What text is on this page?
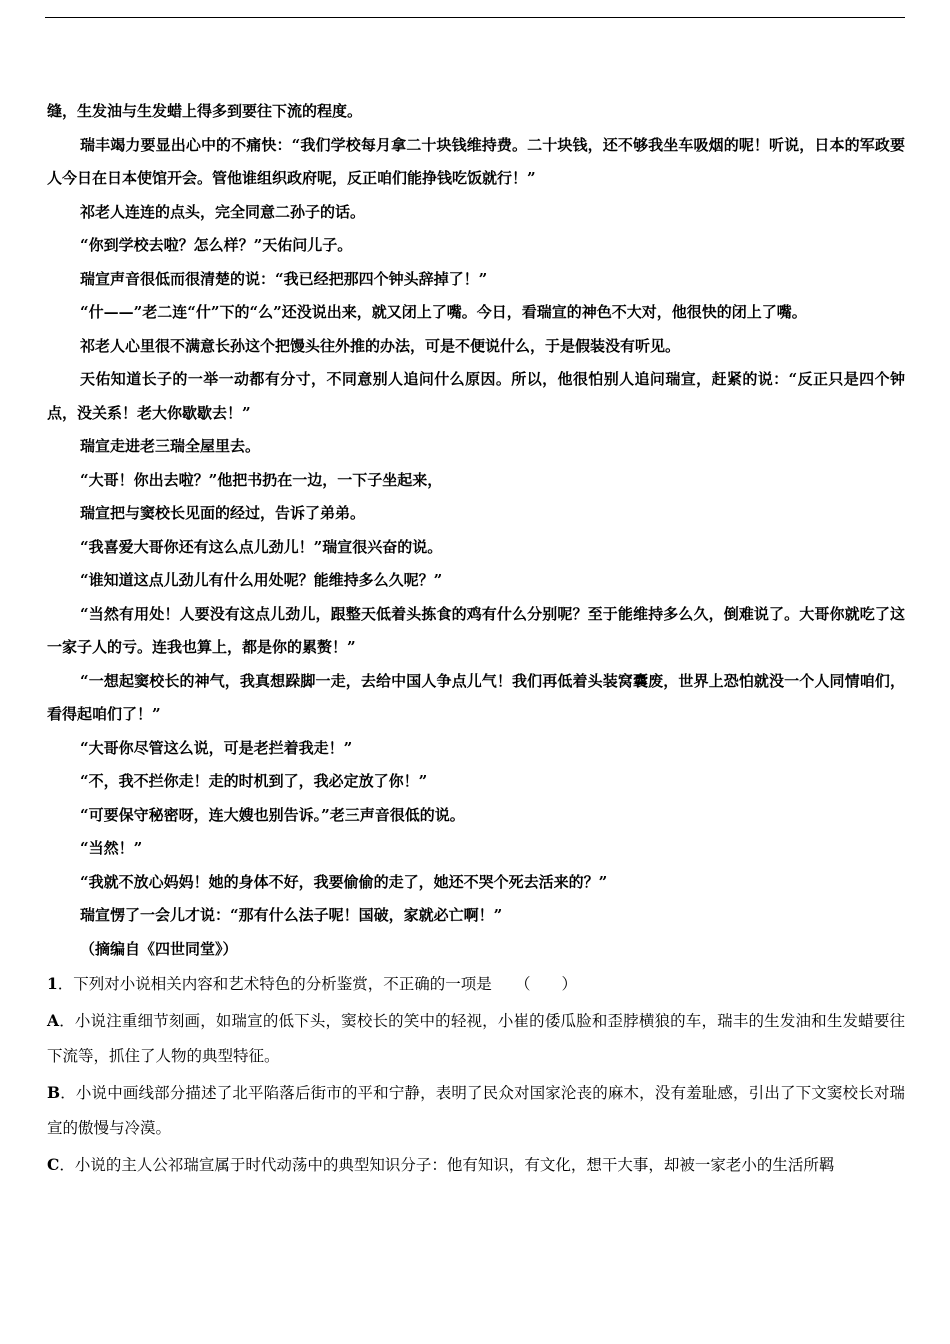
缝，生发油与生发蜡上得多到要往下流的程度。

瑞丰竭力要显出心中的不痛快：“我们学校每月拿二十块钱维持费。二十块钱，还不够我坐车吸烟的呢！听说，日本的军政要人今日在日本使馆开会。管他谁组织政府呢，反正咱们能挣钱吃饭就行！”

祁老人连连的点头，完全同意二孙子的话。

“你到学校去啦？怎么样？”天佑问儿子。

瑞宣声音很低而很清楚的说：“我已经把那四个钟头辞掉了！”

“什——”老二连“什”下的“么”还没说出来，就又闭上了嘴。今日，看瑞宣的神色不大对，他很快的闭上了嘴。

祁老人心里很不满意长孙这个把馒头往外推的办法，可是不便说什么，于是假装没有听见。

天佑知道长子的一举一动都有分寸，不同意别人追问什么原因。所以，他很怕别人追问瑞宣，赶紧的说：“反正只是四个钟点，没关系！老大你歇歇去！”

瑞宣走进老三瑞全屋里去。

“大哥！你出去啦？”他把书扔在一边，一下子坐起来，

瑞宣把与窦校长见面的经过，告诉了弟弟。

“我喜爱大哥你还有这么点儿劲儿！”瑞宣很兴奋的说。

“谁知道这点儿劲儿有什么用处呢？能维持多么久呢？”

“当然有用处！人要没有这点儿劲儿，跟整天低着头拣食的鸡有什么分别呢？至于能维持多么久，倒难说了。大哥你就吃了这一家子人的亏。连我也算上，都是你的累赘！”

“一想起窦校长的神气，我真想跺脚一走，去给中国人争点儿气！我们再低着头装窝囊废，世界上恐怕就没一个人同情咱们，看得起咱们了！”

“大哥你尽管这么说，可是老拦着我走！”

“不，我不拦你走！走的时机到了，我必定放了你！”

“可要保守秘密呀，连大嫂也别告诉。”老三声音很低的说。

“当然！”

“我就不放心妈妈！她的身体不好，我要偷偷的走了，她还不哭个死去活来的？”

瑞宣愣了一会儿才说：“那有什么法子呢！国破，家就必亡啊！”

（摘编自《四世同堂》）

1．下列对小说相关内容和艺术特色的分析鉴赏，不正确的一项是　　（　　）

A．小说注重细节刻画，如瑞宣的低下头，窦校长的笑中的轻视，小崔的倭瓜脸和歪脖横狼的车，瑞丰的生发油和生发蜡要往下流等，抓住了人物的典型特征。

B．小说中画线部分描述了北平陷落后街市的平和宁静，表明了民众对国家沦丧的麻木，没有羞耻感，引出了下文窦校长对瑞宣的傲慢与冷漠。

C．小说的主人公祁瑞宣属于时代动荡中的典型知识分子：他有知识，有文化，想干大事，却被一家老小的生活所羁
